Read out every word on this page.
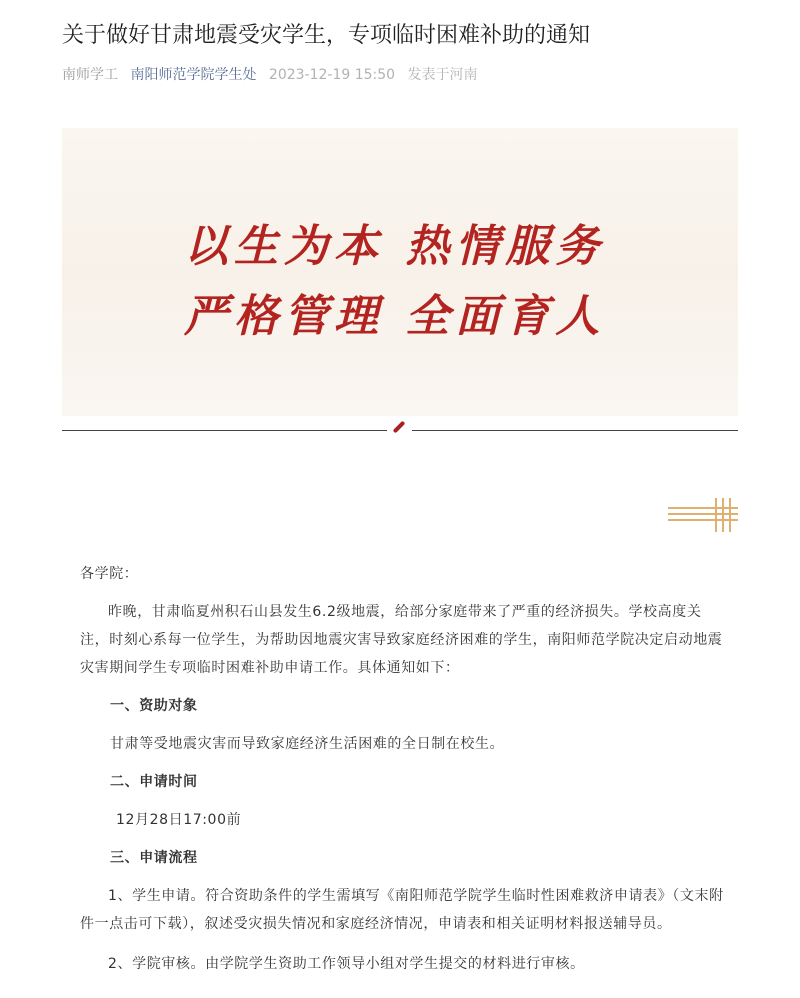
关于做好甘肃地震受灾学生，专项临时困难补助的通知
南师学工 南阳师范学院学生处 2023-12-19 15:50 发表于河南
以生为本 热情服务
严格管理 全面育人

各学院：

昨晚，甘肃临夏州积石山县发生6.2级地震，给部分家庭带来了严重的经济损失。学校高度关注，时刻心系每一位学生，为帮助因地震灾害导致家庭经济困难的学生，南阳师范学院决定启动地震灾害期间学生专项临时困难补助申请工作。具体通知如下：

一、资助对象

甘肃等受地震灾害而导致家庭经济生活困难的全日制在校生。

二、申请时间

12月28日17:00前

三、申请流程

1、学生申请。符合资助条件的学生需填写《南阳师范学院学生临时性困难救济申请表》（文末附件一点击可下载），叙述受灾损失情况和家庭经济情况，申请表和相关证明材料报送辅导员。

2、学院审核。由学院学生资助工作领导小组对学生提交的材料进行审核。
